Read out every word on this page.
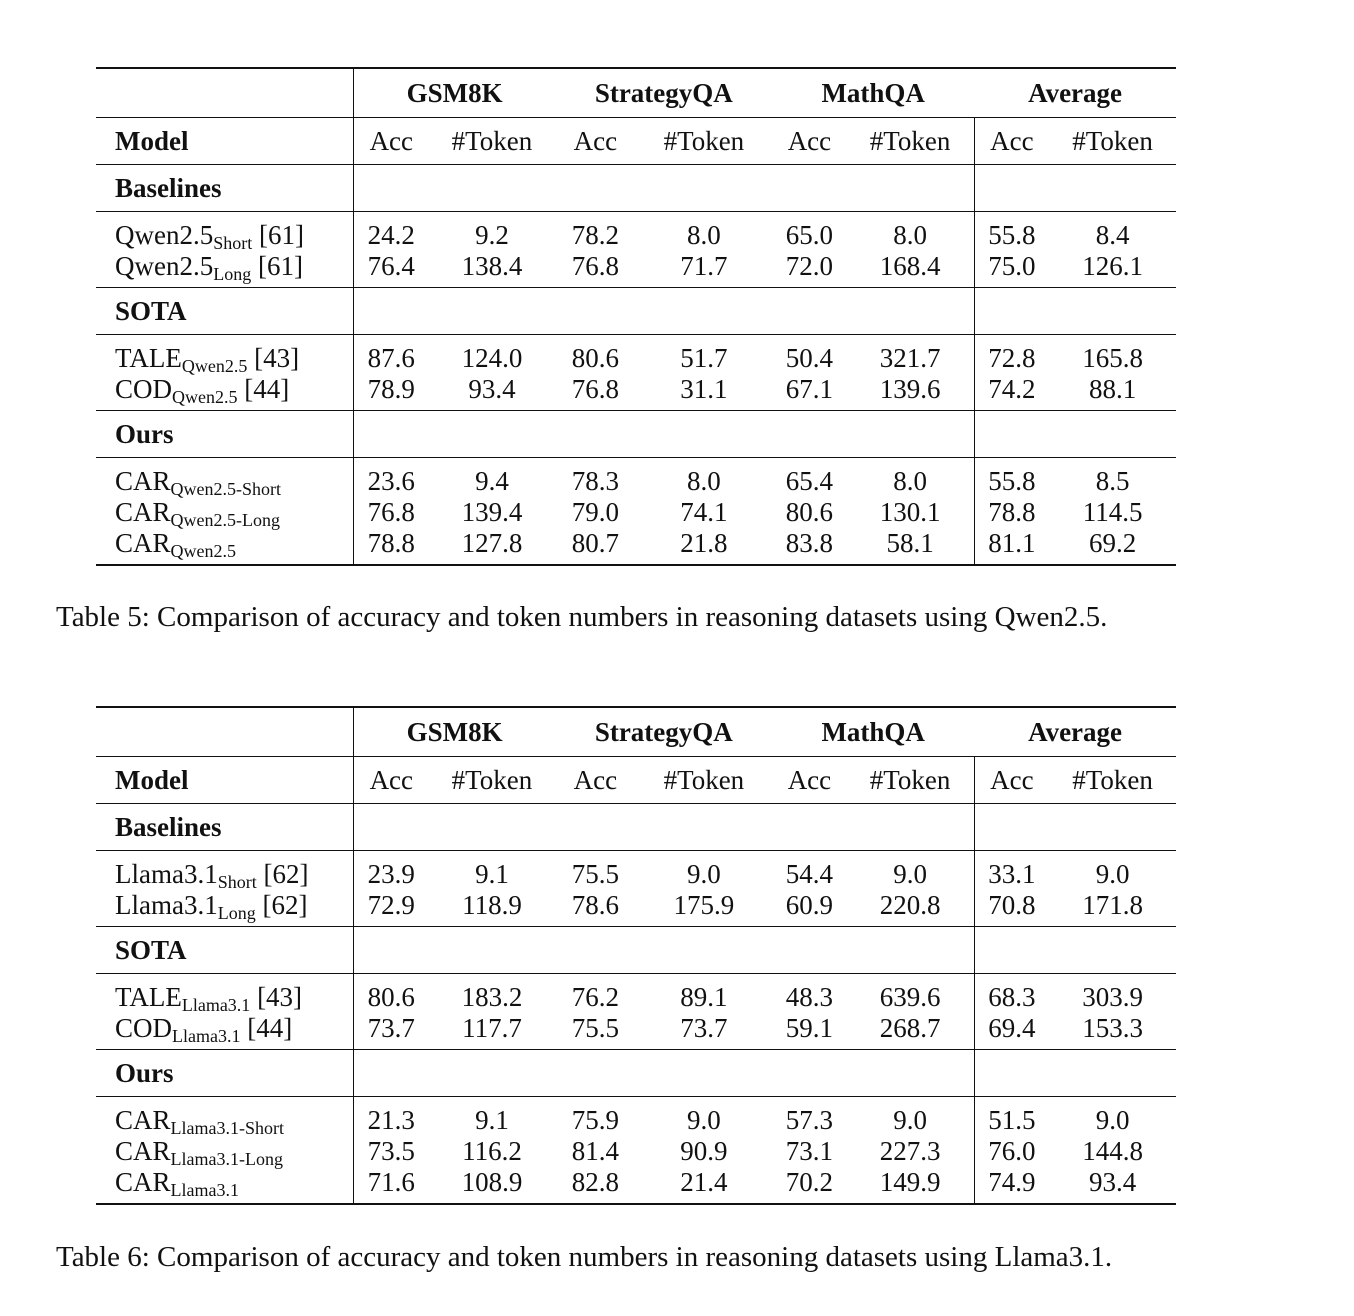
	GSM8K		StrategyQA		MathQA		Average	
Model	Acc	#Token	Acc	#Token	Acc	#Token	Acc	#Token
Baselines								
$Qwen2.5_{Short}$ [61]	24.2	9.2	78.2	8.0	65.0	8.0	55.8	8.4
$Qwen2.5_{Long}$ [61]	76.4	138.4	76.8	71.7	72.0	168.4	75.0	126.1
SOTA								
$TALE_{Qwen2.5}$ [43]	87.6	124.0	80.6	51.7	50.4	321.7	72.8	165.8
$COD_{Qwen2.5}$ [44]	78.9	93.4	76.8	31.1	67.1	139.6	74.2	88.1
Ours								
$CAR_{Qwen2.5-Short}$	23.6	9.4	78.3	8.0	65.4	8.0	55.8	8.5
$CAR_{Qwen2.5-Long}$	76.8	139.4	79.0	74.1	80.6	130.1	78.8	114.5
$CAR_{Qwen2.5}$	78.8	127.8	80.7	21.8	83.8	58.1	81.1	69.2
Table 5: Comparison of accuracy and token numbers in reasoning datasets using Qwen2.5.
	GSM8K		StrategyQA		MathQA		Average	
Model	Acc	#Token	Acc	#Token	Acc	#Token	Acc	#Token
Baselines								
$Llama3.1_{Short}$ [62]	23.9	9.1	75.5	9.0	54.4	9.0	33.1	9.0
$Llama3.1_{Long}$ [62]	72.9	118.9	78.6	175.9	60.9	220.8	70.8	171.8
SOTA								
$TALE_{Llama3.1}$ [43]	80.6	183.2	76.2	89.1	48.3	639.6	68.3	303.9
$COD_{Llama3.1}$ [44]	73.7	117.7	75.5	73.7	59.1	268.7	69.4	153.3
Ours								
$CAR_{Llama3.1-Short}$	21.3	9.1	75.9	9.0	57.3	9.0	51.5	9.0
$CAR_{Llama3.1-Long}$	73.5	116.2	81.4	90.9	73.1	227.3	76.0	144.8
$CAR_{Llama3.1}$	71.6	108.9	82.8	21.4	70.2	149.9	74.9	93.4
Table 6: Comparison of accuracy and token numbers in reasoning datasets using Llama3.1.
